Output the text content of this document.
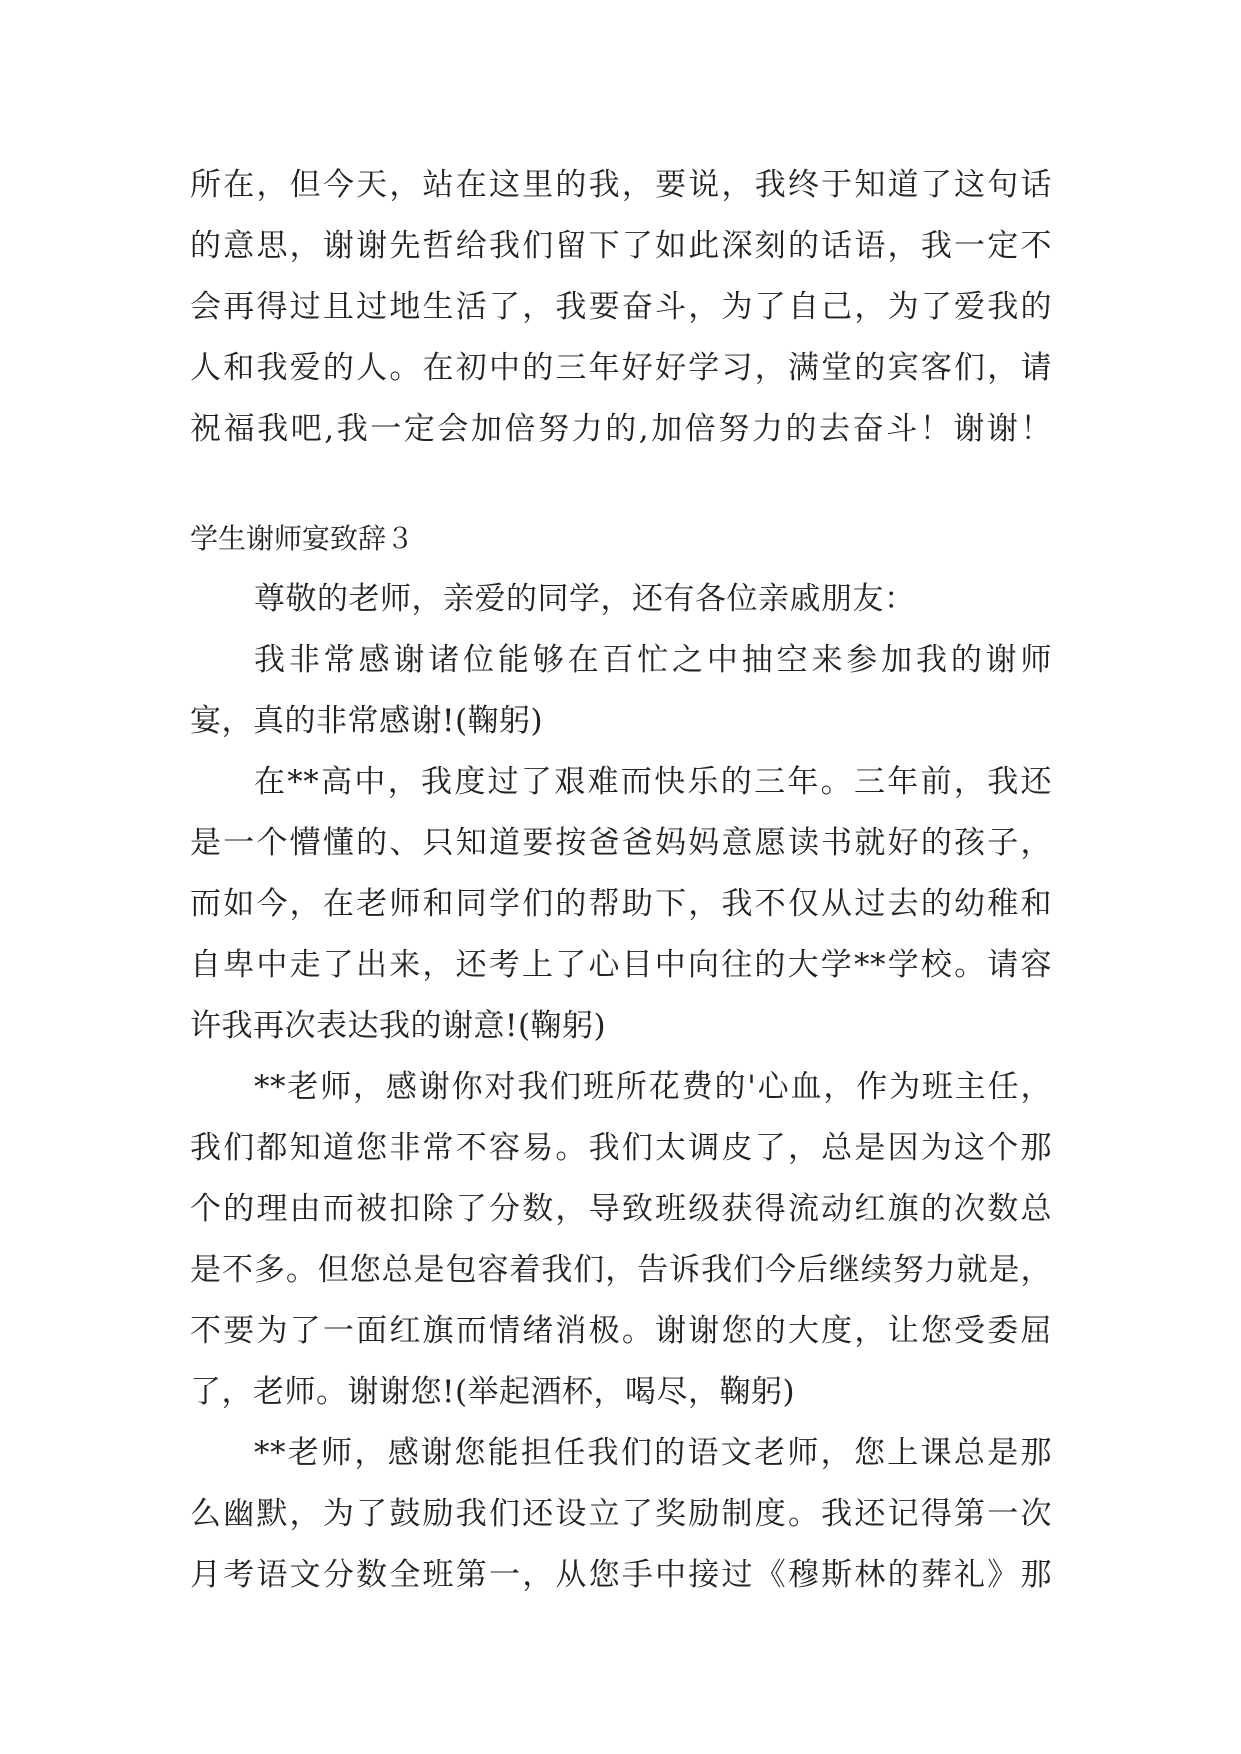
所在，但今天，站在这里的我，要说，我终于知道了这句话
的意思，谢谢先哲给我们留下了如此深刻的话语，我一定不
会再得过且过地生活了，我要奋斗，为了自己，为了爱我的
人和我爱的人。在初中的三年好好学习，满堂的宾客们，请
祝福我吧,我一定会加倍努力的,加倍努力的去奋斗！谢谢！
学生谢师宴致辞３
尊敬的老师，亲爱的同学，还有各位亲戚朋友：
我非常感谢诸位能够在百忙之中抽空来参加我的谢师
宴，真的非常感谢!(鞠躬)
在**高中，我度过了艰难而快乐的三年。三年前，我还
是一个懵懂的、只知道要按爸爸妈妈意愿读书就好的孩子，
而如今，在老师和同学们的帮助下，我不仅从过去的幼稚和
自卑中走了出来，还考上了心目中向往的大学**学校。请容
许我再次表达我的谢意!(鞠躬)
**老师，感谢你对我们班所花费的'心血，作为班主任，
我们都知道您非常不容易。我们太调皮了，总是因为这个那
个的理由而被扣除了分数，导致班级获得流动红旗的次数总
是不多。但您总是包容着我们，告诉我们今后继续努力就是，
不要为了一面红旗而情绪消极。谢谢您的大度，让您受委屈
了，老师。谢谢您!(举起酒杯，喝尽，鞠躬)
**老师，感谢您能担任我们的语文老师，您上课总是那
么幽默，为了鼓励我们还设立了奖励制度。我还记得第一次
月考语文分数全班第一，从您手中接过《穆斯林的葬礼》那
